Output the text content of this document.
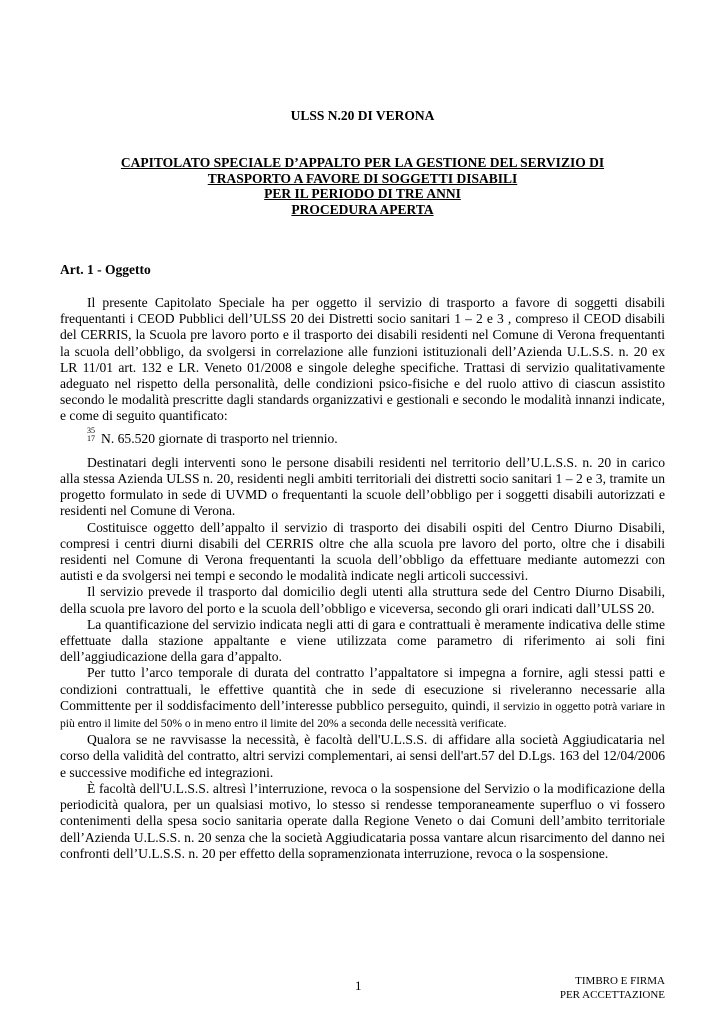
ULSS N.20 DI VERONA
CAPITOLATO SPECIALE D’APPALTO PER LA GESTIONE DEL SERVIZIO DI
TRASPORTO A FAVORE DI SOGGETTI DISABILI
PER IL PERIODO DI TRE ANNI
PROCEDURA APERTA
Art. 1 - Oggetto

Il presente Capitolato Speciale ha per oggetto il servizio di trasporto a favore di soggetti disabili frequentanti i CEOD Pubblici dell’ULSS 20 dei Distretti socio sanitari 1 – 2 e 3 , compreso il CEOD disabili del CERRIS, la Scuola pre lavoro porto e il trasporto dei disabili residenti nel Comune di Verona frequentanti la scuola dell’obbligo, da svolgersi in correlazione alle funzioni istituzionali dell’Azienda U.L.S.S. n. 20 ex LR 11/01 art. 132 e LR. Veneto 01/2008 e singole deleghe specifiche. Trattasi di servizio qualitativamente adeguato nel rispetto della personalità, delle condizioni psico-fisiche e del ruolo attivo di ciascun assistito secondo le modalità prescritte dagli standards organizzativi e gestionali e secondo le modalità innanzi indicate, e come di seguito quantificato:

35
17 N. 65.520 giornate di trasporto nel triennio.

Destinatari degli interventi sono le persone disabili residenti nel territorio dell’U.L.S.S. n. 20 in carico alla stessa Azienda ULSS n. 20, residenti negli ambiti territoriali dei distretti socio sanitari 1 – 2 e 3, tramite un progetto formulato in sede di UVMD o frequentanti la scuole dell’obbligo per i soggetti disabili autorizzati e residenti nel Comune di Verona.

Costituisce oggetto dell’appalto il servizio di trasporto dei disabili ospiti del Centro Diurno Disabili, compresi i centri diurni disabili del CERRIS oltre che alla scuola pre lavoro del porto, oltre che i disabili residenti nel Comune di Verona frequentanti la scuola dell’obbligo da effettuare mediante automezzi con autisti e da svolgersi nei tempi e secondo le modalità indicate negli articoli successivi.

Il servizio prevede il trasporto dal domicilio degli utenti alla struttura sede del Centro Diurno Disabili, della scuola pre lavoro del porto e la scuola dell’obbligo e viceversa, secondo gli orari indicati dall’ULSS 20.

La quantificazione del servizio indicata negli atti di gara e contrattuali è meramente indicativa delle stime effettuate dalla stazione appaltante e viene utilizzata come parametro di riferimento ai soli fini dell’aggiudicazione della gara d’appalto.

Per tutto l’arco temporale di durata del contratto l’appaltatore si impegna a fornire, agli stessi patti e condizioni contrattuali, le effettive quantità che in sede di esecuzione si riveleranno necessarie alla Committente per il soddisfacimento dell’interesse pubblico perseguito, quindi, il servizio in oggetto potrà variare in più entro il limite del 50% o in meno entro il limite del 20% a seconda delle necessità verificate.

Qualora se ne ravvisasse la necessità, è facoltà dell'U.L.S.S. di affidare alla società Aggiudicataria nel corso della validità del contratto, altri servizi complementari, ai sensi dell'art.57 del D.Lgs. 163 del 12/04/2006 e successive modifiche ed integrazioni.

È facoltà dell'U.L.S.S. altresì l’interruzione, revoca o la sospensione del Servizio o la modificazione della periodicità qualora, per un qualsiasi motivo, lo stesso si rendesse temporaneamente superfluo o vi fossero contenimenti della spesa socio sanitaria operate dalla Regione Veneto o dai Comuni dell’ambito territoriale dell’Azienda U.L.S.S. n. 20 senza che la società Aggiudicataria possa vantare alcun risarcimento del danno nei confronti dell’U.L.S.S. n. 20 per effetto della sopramenzionata interruzione, revoca o la sospensione.

1	TIMBRO E FIRMA
PER ACCETTAZIONE
